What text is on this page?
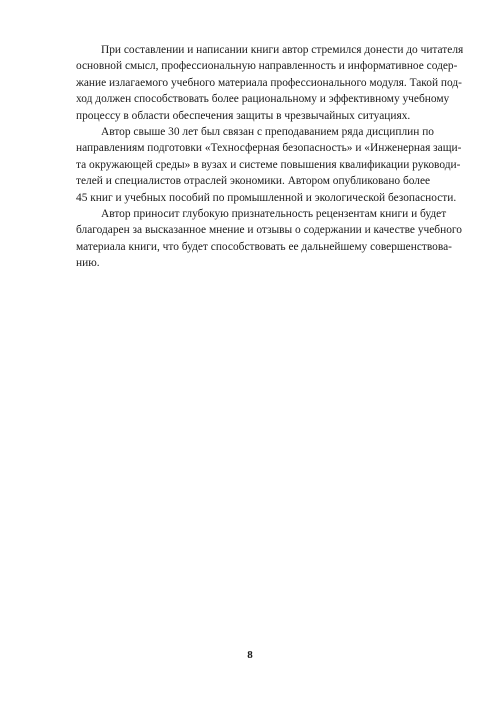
При составлении и написании книги автор стремился донести до читателя
основной смысл, профессиональную направленность и информативное содер-
жание излагаемого учебного материала профессионального модуля. Такой под-
ход должен способствовать более рациональному и эффективному учебному
процессу в области обеспечения защиты в чрезвычайных ситуациях.
Автор свыше 30 лет был связан с преподаванием ряда дисциплин по
направлениям подготовки «Техносферная безопасность» и «Инженерная защи-
та окружающей среды» в вузах и системе повышения квалификации руководи-
телей и специалистов отраслей экономики. Автором опубликовано более
45 книг и учебных пособий по промышленной и экологической безопасности.
Автор приносит глубокую признательность рецензентам книги и будет
благодарен за высказанное мнение и отзывы о содержании и качестве учебного
материала книги, что будет способствовать ее дальнейшему совершенствова-
нию.
8
